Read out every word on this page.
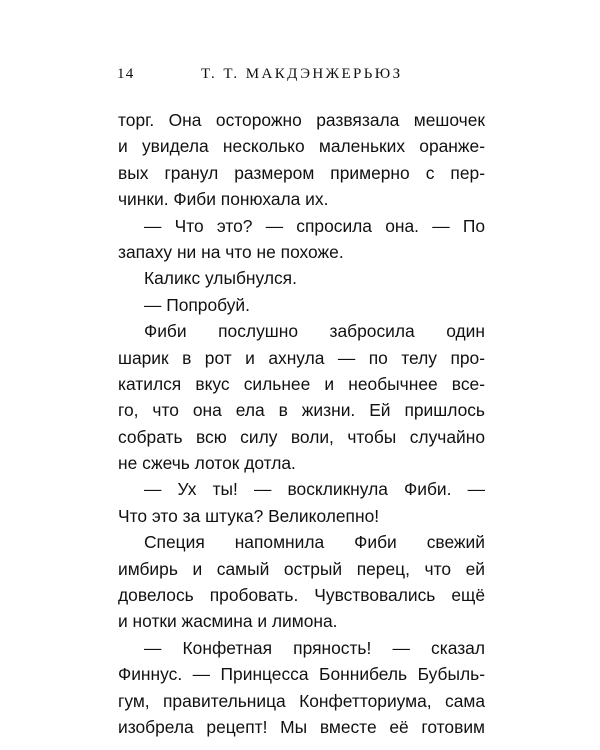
14	Т. Т. МАКДЭНЖЕРЬЮЗ
торг. Она осторожно развязала мешочек
и увидела несколько маленьких оранже-
вых гранул размером примерно с пер-
чинки. Фиби понюхала их.
— Что это? — спросила она. — По
запаху ни на что не похоже.
Каликс улыбнулся.
— Попробуй.
Фиби послушно забросила один
шарик в рот и ахнула — по телу про-
катился вкус сильнее и необычнее все-
го, что она ела в жизни. Ей пришлось
собрать всю силу воли, чтобы случайно
не сжечь лоток дотла.
— Ух ты! — воскликнула Фиби. —
Что это за штука? Великолепно!
Специя напомнила Фиби свежий
имбирь и самый острый перец, что ей
довелось пробовать. Чувствовались ещё
и нотки жасмина и лимона.
— Конфетная пряность! — сказал
Финнус. — Принцесса Боннибель Бубыль-
гум, правительница Конфетториума, сама
изобрела рецепт! Мы вместе её готовим
